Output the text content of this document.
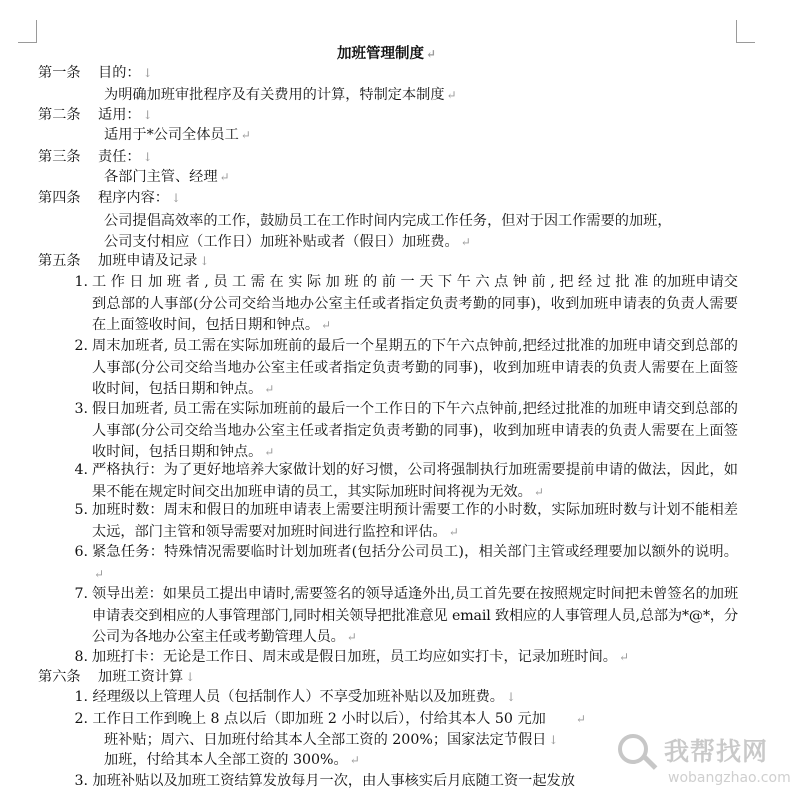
加班管理制度 ↵
第一条 目的： ↓
为明确加班审批程序及有关费用的计算，特制定本制度 ↵
第二条 适用： ↓
适用于*公司全体员工 ↵
第三条 责任： ↓
各部门主管、经理 ↵
第四条 程序内容： ↓
公司提倡高效率的工作，鼓励员工在工作时间内完成工作任务，但对于因工作需要的加班，
公司支付相应（工作日）加班补贴或者（假日）加班费。 ↵
第五条 加班申请及记录 ↓
1. 工 作 日 加 班 者 , 员 工 需 在 实 际 加 班 的 前 一 天 下 午 六 点 钟 前 , 把 经 过 批 准 的加班申请交到总部的人事部(分公司交给当地办公室主任或者指定负责考勤的同事)，收到加班申请表的负责人需要在上面签收时间，包括日期和钟点。 ↵
2. 周末加班者, 员工需在实际加班前的最后一个星期五的下午六点钟前,把经过批准的加班申请交到总部的人事部(分公司交给当地办公室主任或者指定负责考勤的同事)，收到加班申请表的负责人需要在上面签收时间，包括日期和钟点。 ↵
3. 假日加班者, 员工需在实际加班前的最后一个工作日的下午六点钟前,把经过批准的加班申请交到总部的人事部(分公司交给当地办公室主任或者指定负责考勤的同事)，收到加班申请表的负责人需要在上面签收时间，包括日期和钟点。 ↵
4. 严格执行：为了更好地培养大家做计划的好习惯，公司将强制执行加班需要提前申请的做法，因此，如果不能在规定时间交出加班申请的员工，其实际加班时间将视为无效。 ↵
5. 加班时数：周末和假日的加班申请表上需要注明预计需要工作的小时数，实际加班时数与计划不能相差太远，部门主管和领导需要对加班时间进行监控和评估。 ↵
6. 紧急任务：特殊情况需要临时计划加班者(包括分公司员工)，相关部门主管或经理要加以额外的说明。↵
7. 领导出差：如果员工提出申请时,需要签名的领导适逢外出,员工首先要在按照规定时间把未曾签名的加班申请表交到相应的人事管理部门,同时相关领导把批准意见 email 致相应的人事管理人员,总部为*@*，分公司为各地办公室主任或考勤管理人员。 ↵
8. 加班打卡：无论是工作日、周末或是假日加班，员工均应如实打卡，记录加班时间。 ↵
第六条 加班工资计算 ↓
1. 经理级以上管理人员（包括制作人）不享受加班补贴以及加班费。 ↓
2. 工作日工作到晚上 8 点以后（即加班 2 小时以后），付给其本人 50 元加	↵
班补贴；周六、日加班付给其本人全部工资的 200%；国家法定节假日 ↓
加班，付给其本人全部工资的 300%。 ↵
3. 加班补贴以及加班工资结算发放每月一次，由人事核实后月底随工资一起发放
我帮找网
wobangzhao.com
